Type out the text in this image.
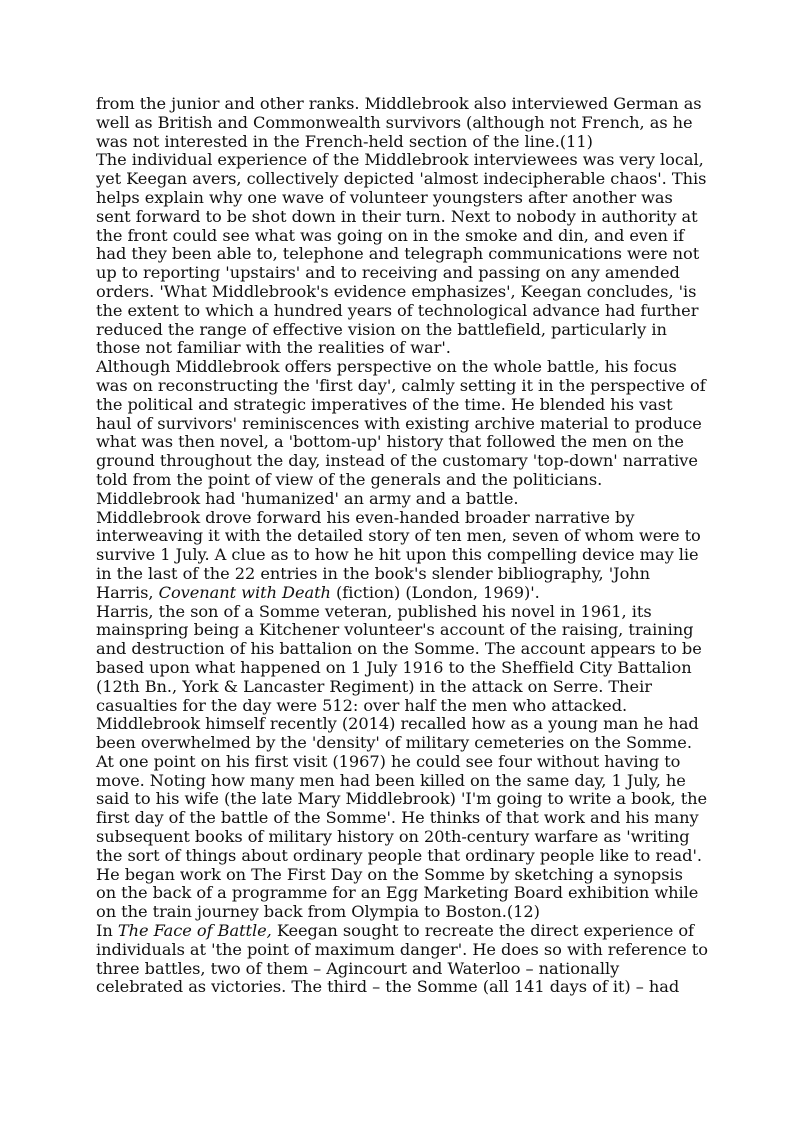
from the junior and other ranks. Middlebrook also interviewed German as well as British and Commonwealth survivors (although not French, as he was not interested in the French-held section of the line.(11)

The individual experience of the Middlebrook interviewees was very local, yet Keegan avers, collectively depicted 'almost indecipherable chaos'. This helps explain why one wave of volunteer youngsters after another was sent forward to be shot down in their turn. Next to nobody in authority at the front could see what was going on in the smoke and din, and even if had they been able to, telephone and telegraph communications were not up to reporting 'upstairs' and to receiving and passing on any amended orders. 'What Middlebrook's evidence emphasizes', Keegan concludes, 'is the extent to which a hundred years of technological advance had further reduced the range of effective vision on the battlefield, particularly in those not familiar with the realities of war'.

Although Middlebrook offers perspective on the whole battle, his focus was on reconstructing the 'first day', calmly setting it in the perspective of the political and strategic imperatives of the time. He blended his vast haul of survivors' reminiscences with existing archive material to produce what was then novel, a 'bottom-up' history that followed the men on the ground throughout the day, instead of the customary 'top-down' narrative told from the point of view of the generals and the politicians. Middlebrook had 'humanized' an army and a battle.

Middlebrook drove forward his even-handed broader narrative by interweaving it with the detailed story of ten men, seven of whom were to survive 1 July. A clue as to how he hit upon this compelling device may lie in the last of the 22 entries in the book's slender bibliography, 'John Harris, Covenant with Death (fiction) (London, 1969)'.

Harris, the son of a Somme veteran, published his novel in 1961, its mainspring being a Kitchener volunteer's account of the raising, training and destruction of his battalion on the Somme. The account appears to be based upon what happened on 1 July 1916 to the Sheffield City Battalion (12th Bn., York & Lancaster Regiment) in the attack on Serre. Their casualties for the day were 512: over half the men who attacked.

Middlebrook himself recently (2014) recalled how as a young man he had been overwhelmed by the 'density' of military cemeteries on the Somme. At one point on his first visit (1967) he could see four without having to move. Noting how many men had been killed on the same day, 1 July, he said to his wife (the late Mary Middlebrook) 'I'm going to write a book, the first day of the battle of the Somme'. He thinks of that work and his many subsequent books of military history on 20th-century warfare as 'writing the sort of things about ordinary people that ordinary people like to read'. He began work on The First Day on the Somme by sketching a synopsis on the back of a programme for an Egg Marketing Board exhibition while on the train journey back from Olympia to Boston.(12)

In The Face of Battle, Keegan sought to recreate the direct experience of individuals at 'the point of maximum danger'. He does so with reference to three battles, two of them – Agincourt and Waterloo – nationally celebrated as victories. The third – the Somme (all 141 days of it) – had
